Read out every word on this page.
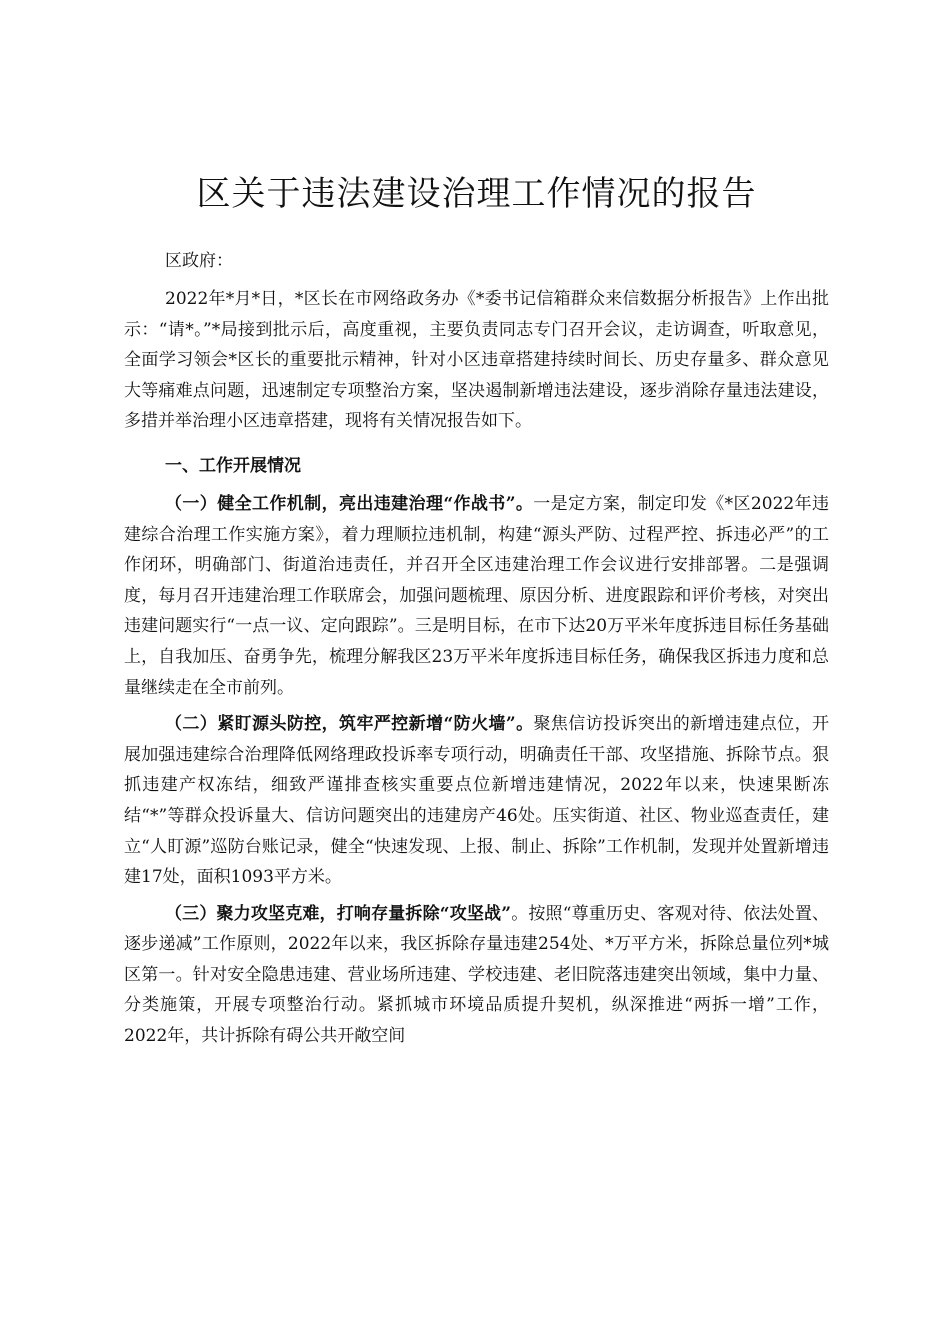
区关于违法建设治理工作情况的报告

区政府：

2022年*月*日，*区长在市网络政务办《*委书记信箱群众来信数据分析报告》上作出批示：“请*。”*局接到批示后，高度重视，主要负责同志专门召开会议，走访调查，听取意见，全面学习领会*区长的重要批示精神，针对小区违章搭建持续时间长、历史存量多、群众意见大等痛难点问题，迅速制定专项整治方案，坚决遏制新增违法建设，逐步消除存量违法建设，多措并举治理小区违章搭建，现将有关情况报告如下。

一、工作开展情况

（一）健全工作机制，亮出违建治理“作战书”。一是定方案，制定印发《*区2022年违建综合治理工作实施方案》，着力理顺拉违机制，构建“源头严防、过程严控、拆违必严”的工作闭环，明确部门、街道治违责任，并召开全区违建治理工作会议进行安排部署。二是强调度，每月召开违建治理工作联席会，加强问题梳理、原因分析、进度跟踪和评价考核，对突出违建问题实行“一点一议、定向跟踪”。三是明目标，在市下达20万平米年度拆违目标任务基础上，自我加压、奋勇争先，梳理分解我区23万平米年度拆违目标任务，确保我区拆违力度和总量继续走在全市前列。

（二）紧盯源头防控，筑牢严控新增“防火墙”。聚焦信访投诉突出的新增违建点位，开展加强违建综合治理降低网络理政投诉率专项行动，明确责任干部、攻坚措施、拆除节点。狠抓违建产权冻结，细致严谨排查核实重要点位新增违建情况，2022年以来，快速果断冻结“*”等群众投诉量大、信访问题突出的违建房产46处。压实街道、社区、物业巡查责任，建立“人盯源”巡防台账记录，健全“快速发现、上报、制止、拆除”工作机制，发现并处置新增违建17处，面积1093平方米。

（三）聚力攻坚克难，打响存量拆除“攻坚战”。按照“尊重历史、客观对待、依法处置、逐步递减”工作原则，2022年以来，我区拆除存量违建254处、*万平方米，拆除总量位列*城区第一。针对安全隐患违建、营业场所违建、学校违建、老旧院落违建突出领域，集中力量、分类施策，开展专项整治行动。紧抓城市环境品质提升契机，纵深推进“两拆一增”工作，2022年，共计拆除有碍公共开敞空间
